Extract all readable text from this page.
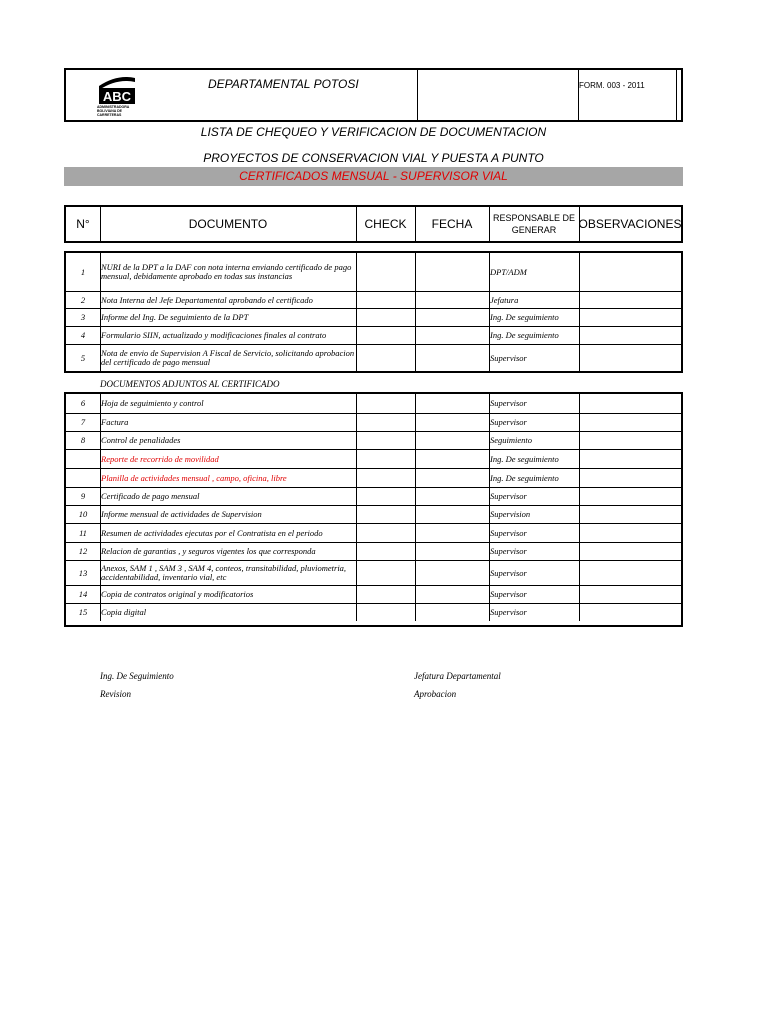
ABC
ADMINISTRADORA BOLIVIANA DE CARRETERAS
DEPARTAMENTAL POTOSI	FORM. 003 - 2011
LISTA DE CHEQUEO Y VERIFICACION DE DOCUMENTACION
PROYECTOS DE CONSERVACION VIAL Y PUESTA A PUNTO
CERTIFICADOS MENSUAL - SUPERVISOR VIAL
N°	DOCUMENTO	CHECK	FECHA	RESPONSABLE DE GENERAR	OBSERVACIONES
1	NURI de la DPT a la DAF con nota interna enviando certificado de pago mensual, debidamente aprobado en todas sus instancias	DPT/ADM
2	Nota Interna del Jefe Departamental aprobando el certificado	Jefatura
3	Informe del Ing. De seguimiento de la DPT	Ing. De seguimiento
4	Formulario SIIN, actualizado y modificaciones finales al contrato	Ing. De seguimiento
5	Nota de envio de Supervision A Fiscal de Servicio, solicitando aprobacion del certificado de pago mensual	Supervisor
DOCUMENTOS ADJUNTOS AL CERTIFICADO
6	Hoja de seguimiento y control	Supervisor
7	Factura	Supervisor
8	Control de penalidades	Seguimiento
Reporte de recorrido de movilidad	Ing. De seguimiento
Planilla de actividades mensual , campo, oficina, libre	Ing. De seguimiento
9	Certificado de pago mensual	Supervisor
10	Informe mensual de actividades de Supervision	Supervision
11	Resumen de actividades ejecutas por el Contratista en el periodo	Supervisor
12	Relacion de garantias , y seguros vigentes los que corresponda	Supervisor
13	Anexos, SAM 1 , SAM 3 , SAM 4, conteos, transitabilidad, pluviometria, accidentabilidad, inventario vial, etc	Supervisor
14	Copia de contratos original y modificatorios	Supervisor
15	Copia digital	Supervisor
Ing. De Seguimiento
Revision
Jefatura Departamental
Aprobacion
